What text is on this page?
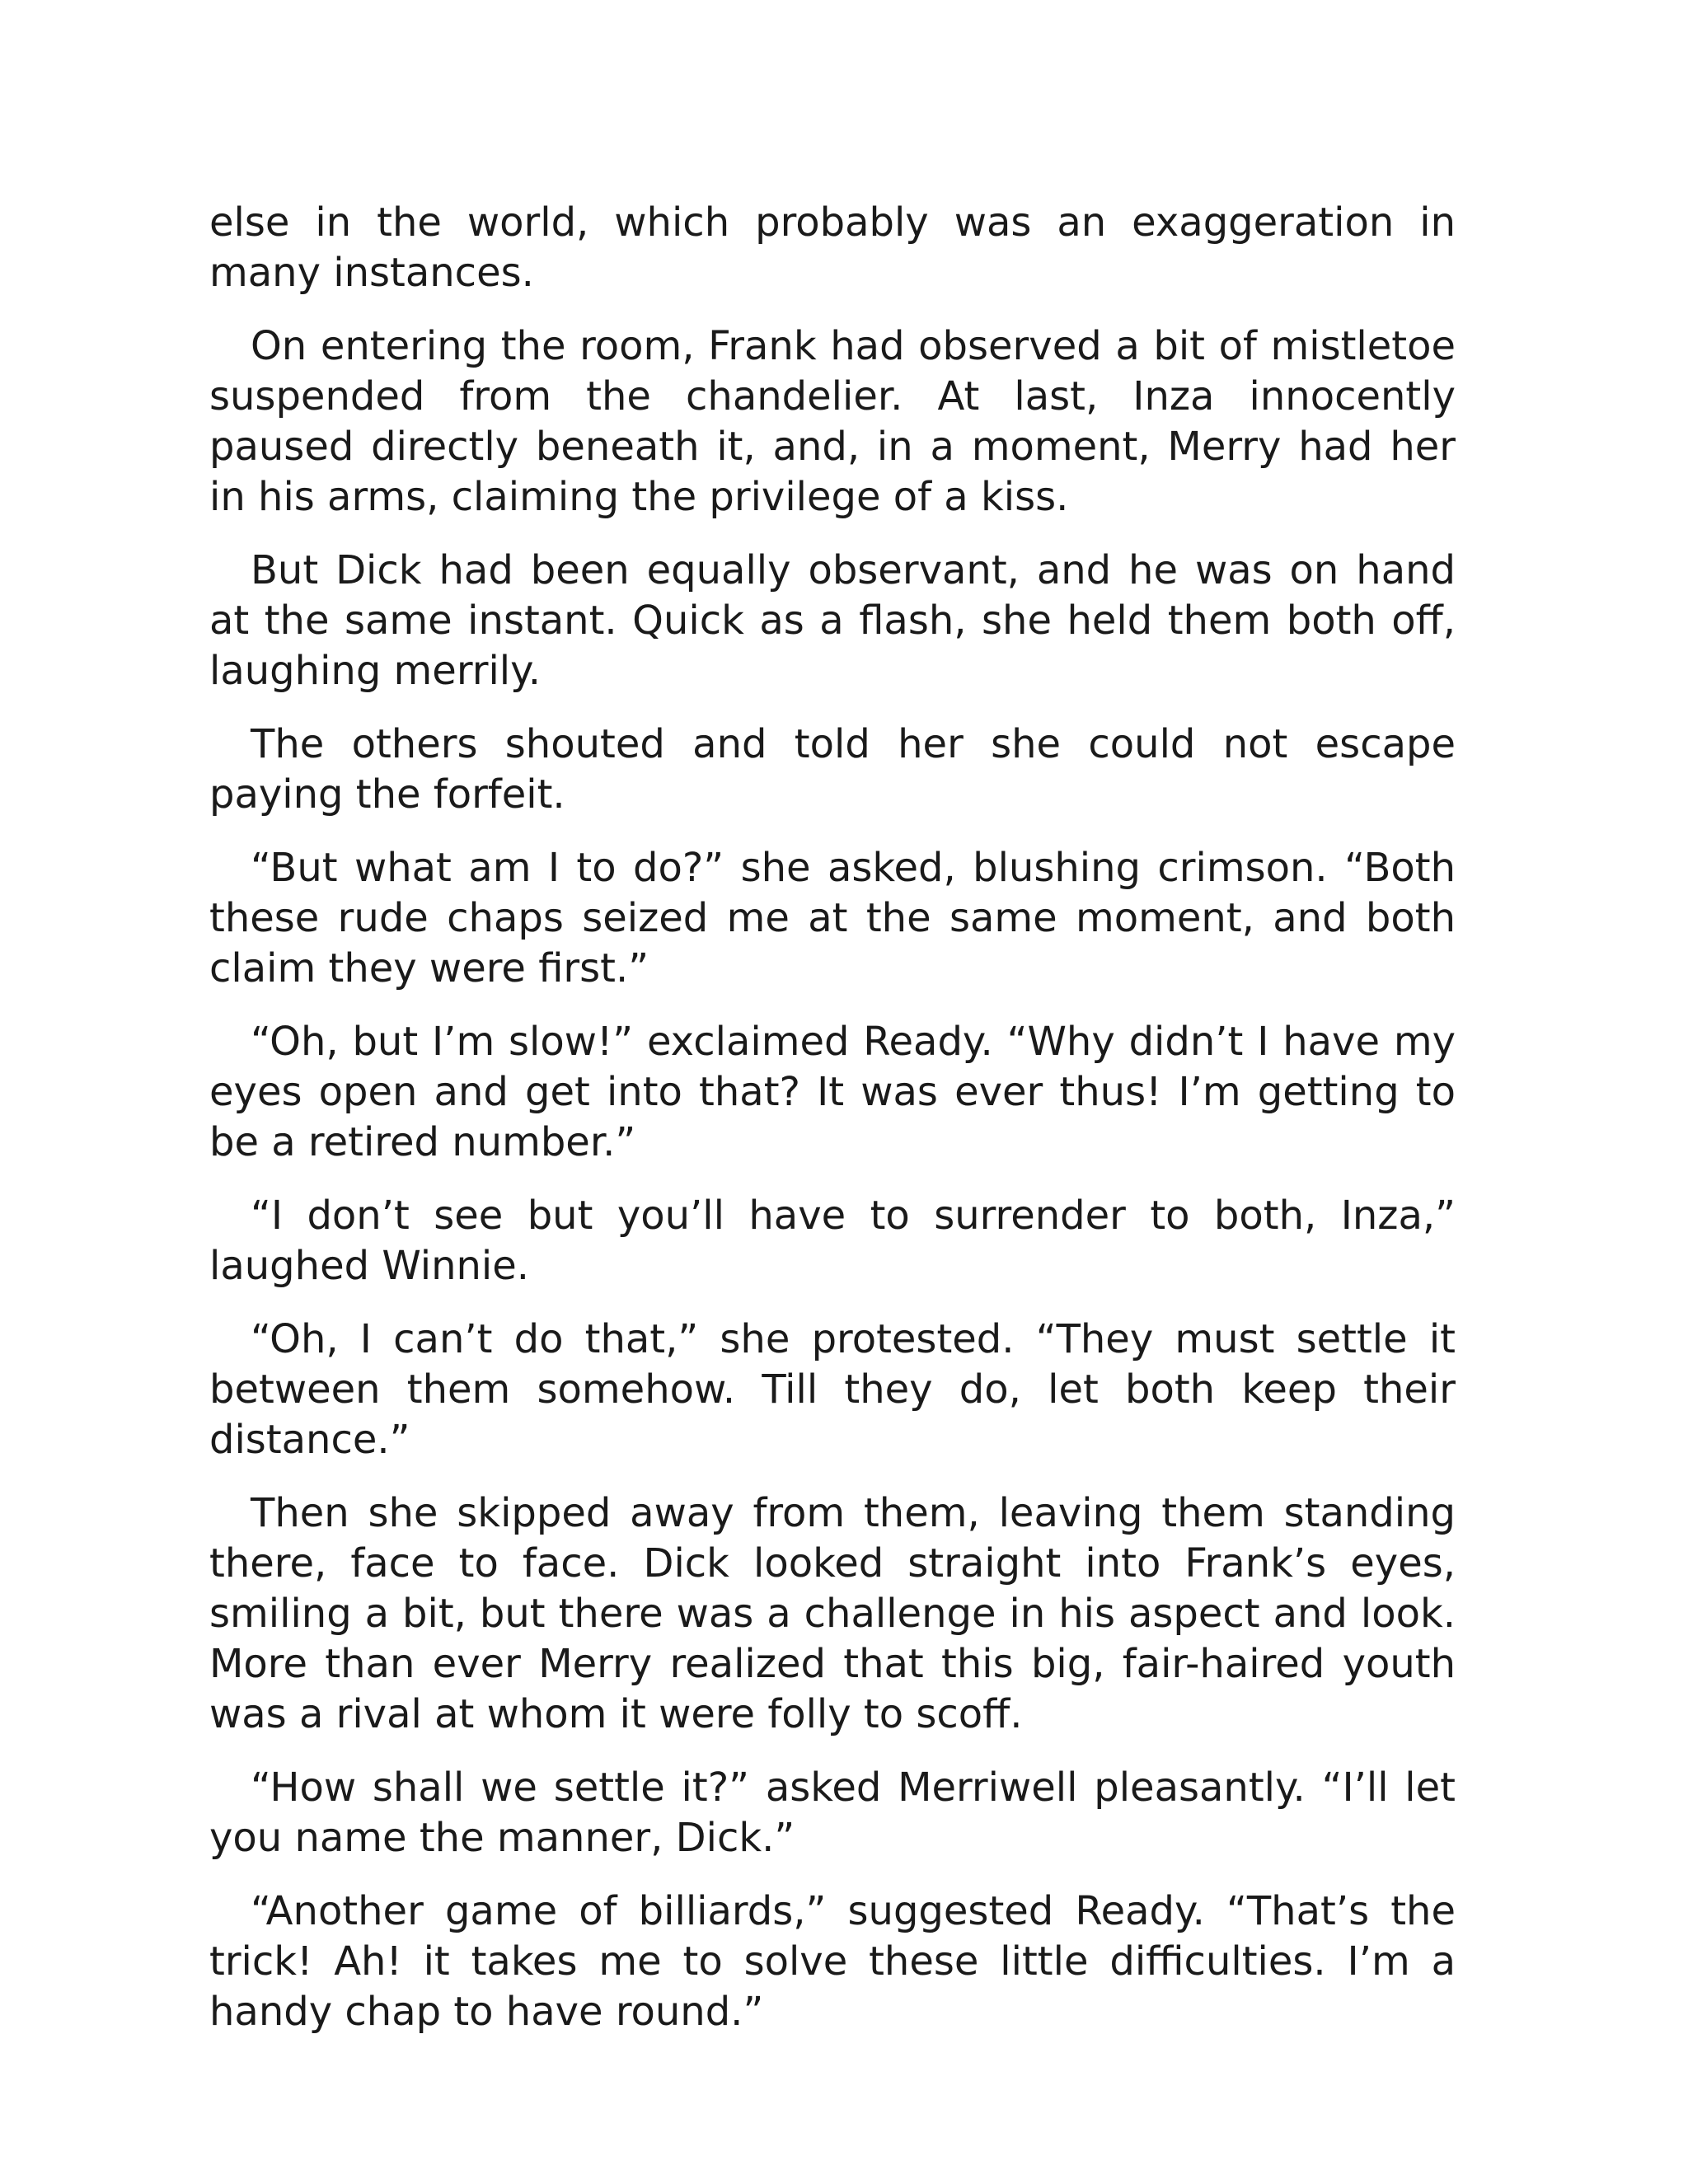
else in the world, which probably was an exaggeration in many instances.

On entering the room, Frank had observed a bit of mistletoe suspended from the chandelier. At last, Inza innocently paused directly beneath it, and, in a moment, Merry had her in his arms, claiming the privilege of a kiss.

But Dick had been equally observant, and he was on hand at the same instant. Quick as a flash, she held them both off, laughing merrily.

The others shouted and told her she could not escape paying the forfeit.

“But what am I to do?” she asked, blushing crimson. “Both these rude chaps seized me at the same moment, and both claim they were first.”

“Oh, but I’m slow!” exclaimed Ready. “Why didn’t I have my eyes open and get into that? It was ever thus! I’m getting to be a retired number.”

“I don’t see but you’ll have to surrender to both, Inza,” laughed Winnie.

“Oh, I can’t do that,” she protested. “They must settle it between them somehow. Till they do, let both keep their distance.”

Then she skipped away from them, leaving them standing there, face to face. Dick looked straight into Frank’s eyes, smiling a bit, but there was a challenge in his aspect and look. More than ever Merry realized that this big, fair-haired youth was a rival at whom it were folly to scoff.

“How shall we settle it?” asked Merriwell pleasantly. “I’ll let you name the manner, Dick.”

“Another game of billiards,” suggested Ready. “That’s the trick! Ah! it takes me to solve these little difficulties. I’m a handy chap to have round.”
